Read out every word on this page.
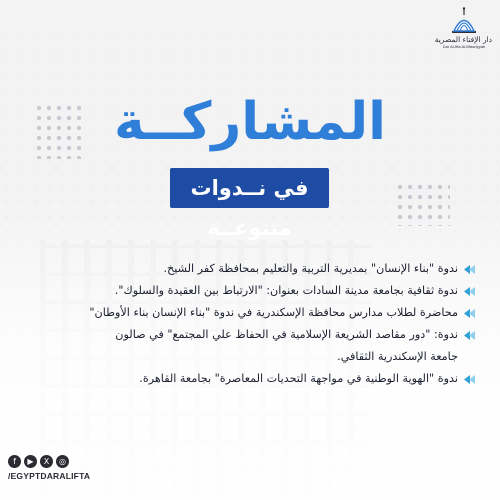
دار الإفتاء المصرية
Dar Al-Ifta Al-Missriyyah
المشاركــة
في نــدوات متنوعــة
ندوة "بناء الإنسان" بمديرية التربية والتعليم بمحافظة كفر الشيخ.
ندوة ثقافية بجامعة مدينة السادات بعنوان: "الارتباط بين العقيدة والسلوك".
محاضرة لطلاب مدارس محافظة الإسكندرية في ندوة "بناء الإنسان بناء الأوطان"
ندوة: "دور مقاصد الشريعة الإسلامية في الحفاظ علي المجتمع" في صالون
جامعة الإسكندرية الثقافي.
ندوة "الهوية الوطنية في مواجهة التحديات المعاصرة" بجامعة القاهرة.
f	▶	X	◎
/EGYPTDARALIFTA
